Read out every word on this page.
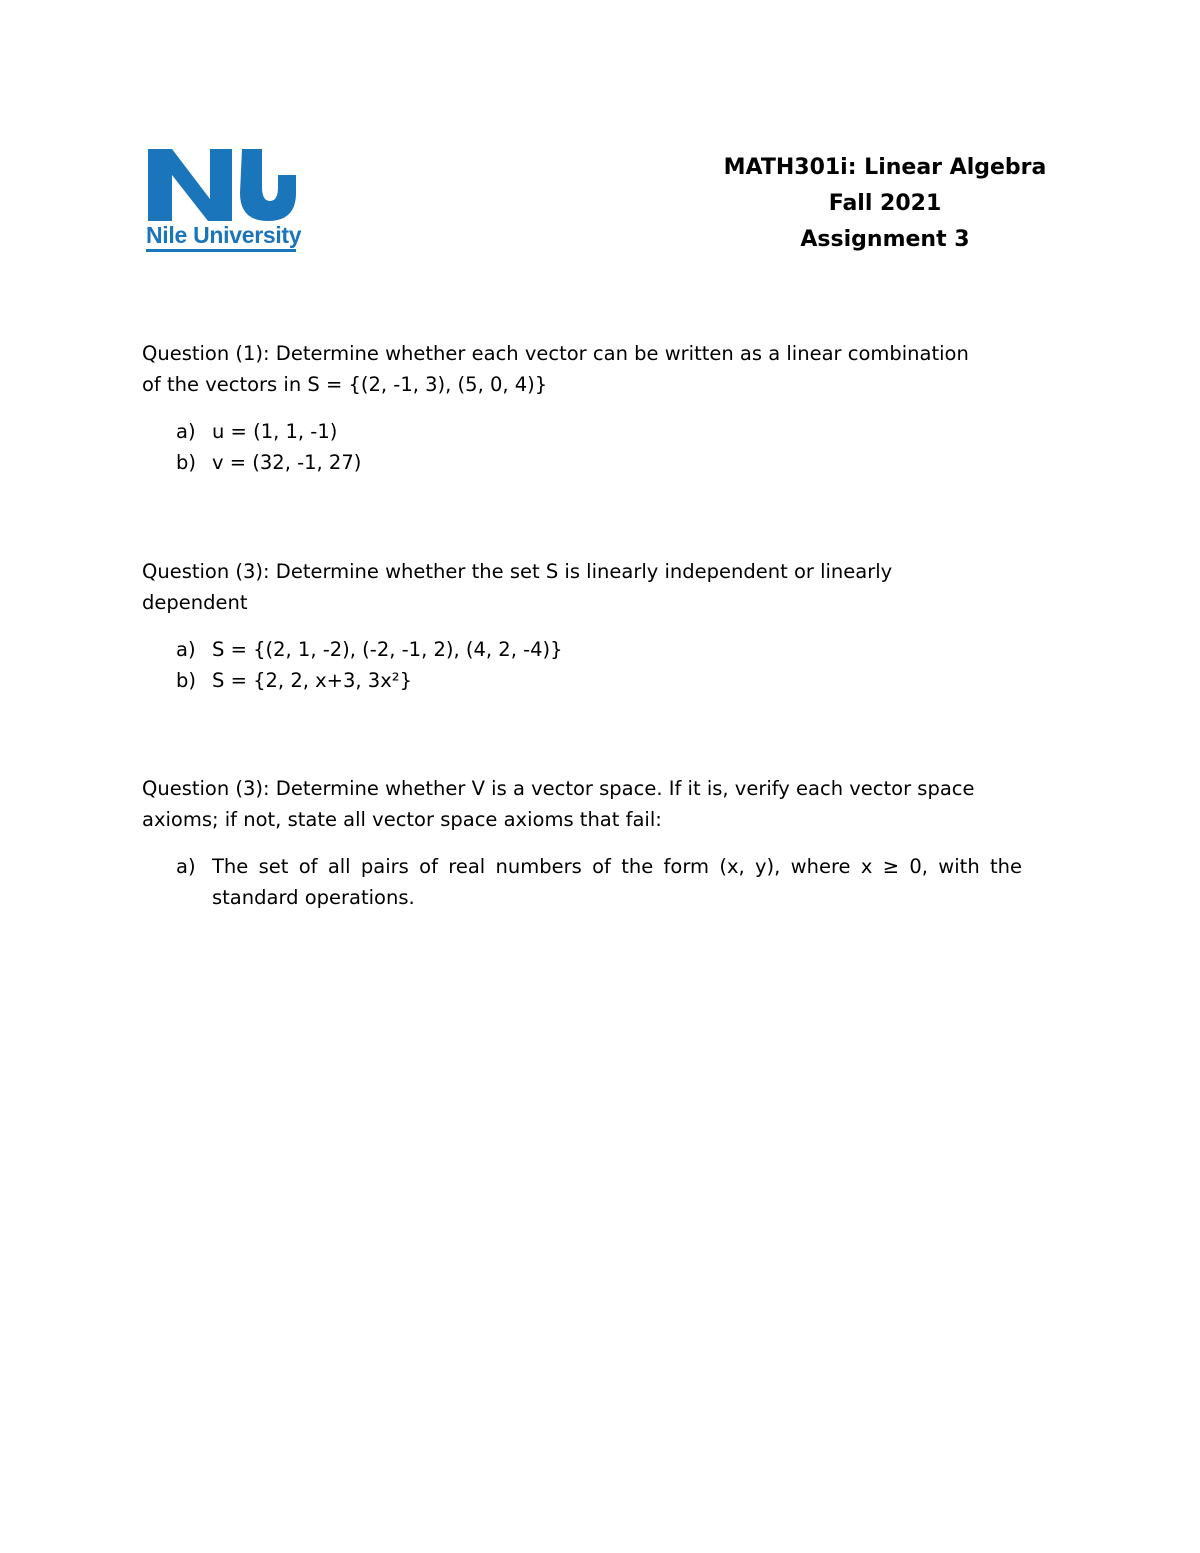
Nile University
MATH301i: Linear Algebra
Fall 2021
Assignment 3
Question (1): Determine whether each vector can be written as a linear combination
of the vectors in S = {(2, -1, 3), (5, 0, 4)}
a) u = (1, 1, -1)
b) v = (32, -1, 27)
Question (3): Determine whether the set S is linearly independent or linearly
dependent
a) S = {(2, 1, -2), (-2, -1, 2), (4, 2, -4)}
b) S = {2, 2, x+3, 3x²}
Question (3): Determine whether V is a vector space. If it is, verify each vector space
axioms; if not, state all vector space axioms that fail:
a) The set of all pairs of real numbers of the form (x, y), where x ≥ 0, with the standard operations.
